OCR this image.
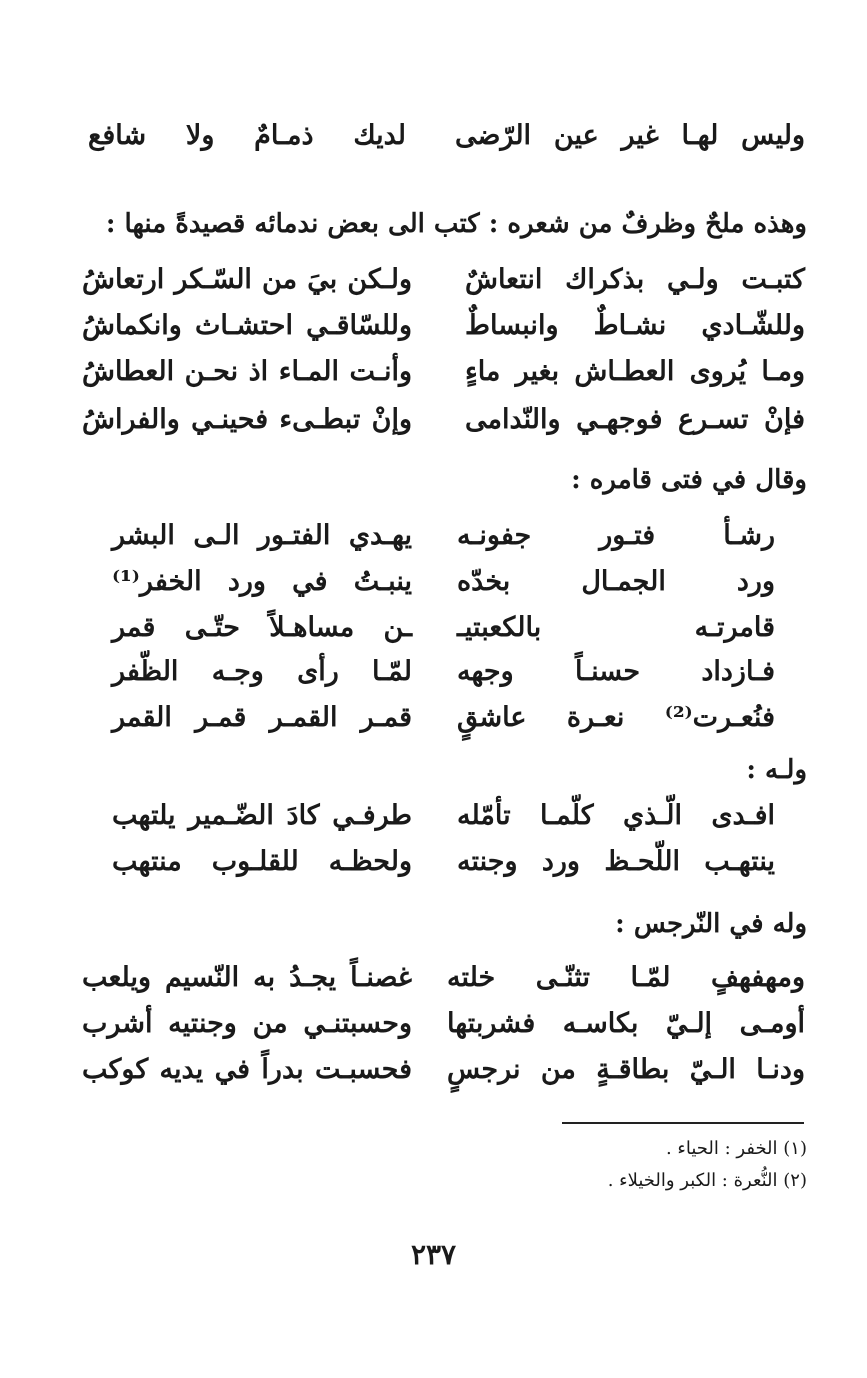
وليس لهـا غير عين الرّضى
لديك ذمـامٌ ولا شافع
وهذه ملحٌ وظرفٌ من شعره : كتب الى بعض ندمائه قصيدةً منها :
كتبـت ولـي بذكراك انتعاشٌ
ولـكن بيَ من السّـكر ارتعاشُ
وللشّـادي نشـاطٌ وانبساطٌ
وللسّاقـي احتشـاث وانكماشُ
ومـا يُروى العطـاش بغير ماءٍ
وأنـت المـاء اذ نحـن العطاشُ
فإنْ تسـرع فوجهـي والنّدامى
وإنْ تبطـىء فحينـي والفراشُ
وقال في فتى قامره :
رشـأ فتـور جفونـه
يهـدي الفتـور الـى البشر
ورد الجمـال بخدّه
ينبـتُ في ورد الخفر⁽¹⁾
قامرتـه بالكعبتيـ
ـن مساهـلاً حتّـى قمر
فـازداد حسنـاً وجهه
لمّـا رأى وجـه الظّفر
فنُعـرت⁽²⁾ نعـرة عاشقٍ
قمـر القمـر قمـر القمر
ولـه :
افـدى الّـذي كلّمـا تأمّله
طرفـي كادَ الضّـمير يلتهب
ينتهـب اللّحـظ ورد وجنته
ولحظـه للقلـوب منتهب
وله في النّرجس :
ومهفهفٍ لمّـا تثنّـى خلته
غصنـاً يجـدُ به النّسيم ويلعب
أومـى إلـيّ بكاسـه فشربتها
وحسبتنـي من وجنتيه أشرب
ودنـا الـيّ بطاقـةٍ من نرجسٍ
فحسبـت بدراً في يديه كوكب
(١) الخفر : الحياء .
(٢) النُّعرة : الكبر والخيلاء .
٢٣٧
